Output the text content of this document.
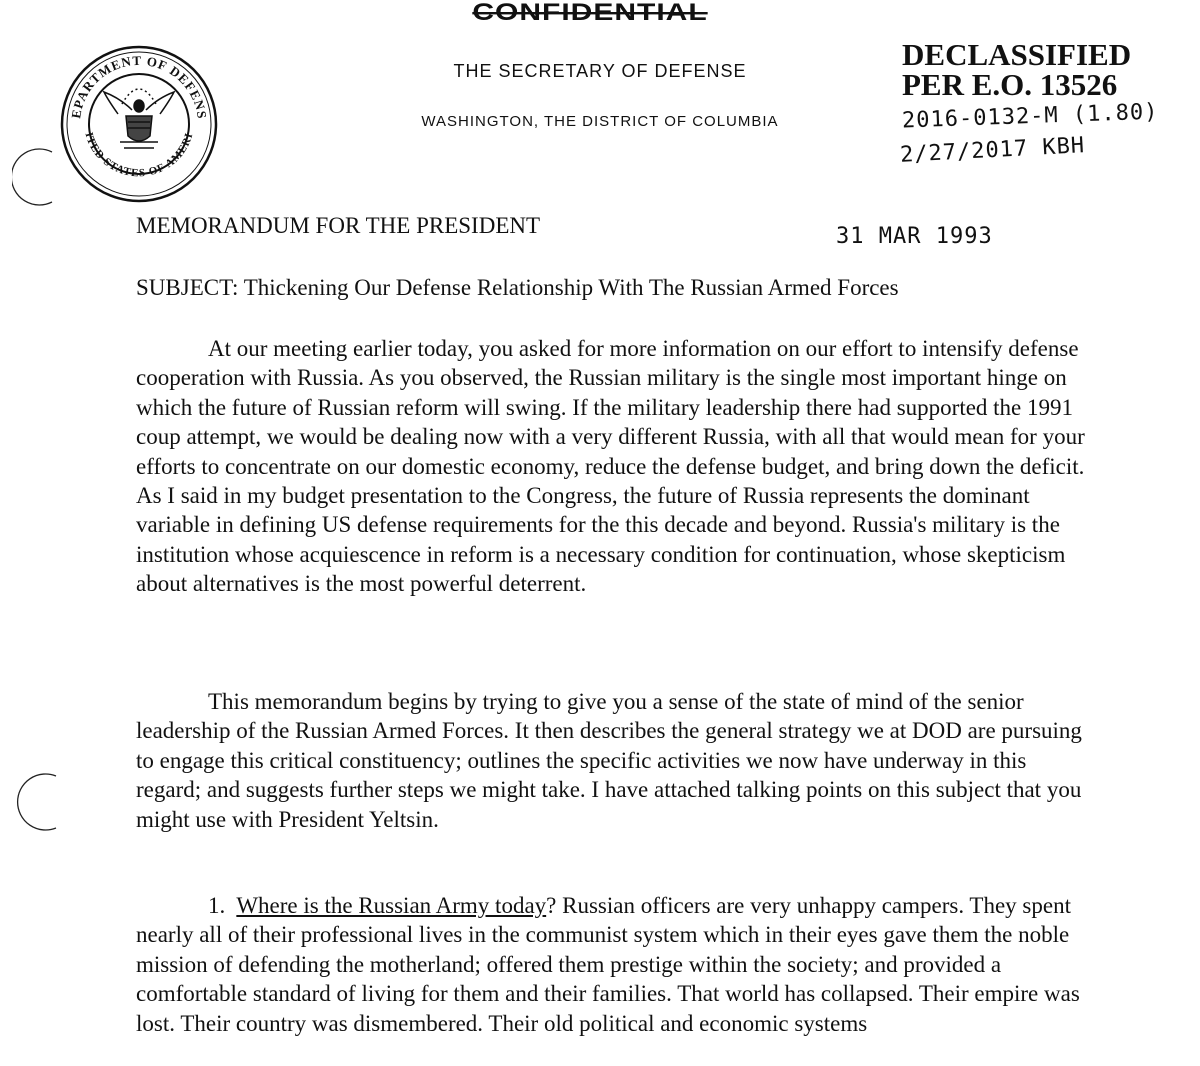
CONFIDENTIAL
EPARTMENT OF DEFENS
ITED STATES OF AMERI
THE SECRETARY OF DEFENSE
WASHINGTON, THE DISTRICT OF COLUMBIA
DECLASSIFIED
PER E.O. 13526
2016-0132-M (1.80)
2/27/2017 KBH
MEMORANDUM FOR THE PRESIDENT	31 MAR 1993
SUBJECT: Thickening Our Defense Relationship With The Russian Armed Forces

At our meeting earlier today, you asked for more information on our effort to intensify defense cooperation with Russia. As you observed, the Russian military is the single most important hinge on which the future of Russian reform will swing. If the military leadership there had supported the 1991 coup attempt, we would be dealing now with a very different Russia, with all that would mean for your efforts to concentrate on our domestic economy, reduce the defense budget, and bring down the deficit. As I said in my budget presentation to the Congress, the future of Russia represents the dominant variable in defining US defense requirements for the this decade and beyond. Russia's military is the institution whose acquiescence in reform is a necessary condition for continuation, whose skepticism about alternatives is the most powerful deterrent.

This memorandum begins by trying to give you a sense of the state of mind of the senior leadership of the Russian Armed Forces. It then describes the general strategy we at DOD are pursuing to engage this critical constituency; outlines the specific activities we now have underway in this regard; and suggests further steps we might take. I have attached talking points on this subject that you might use with President Yeltsin.

1. Where is the Russian Army today? Russian officers are very unhappy campers. They spent nearly all of their professional lives in the communist system which in their eyes gave them the noble mission of defending the motherland; offered them prestige within the society; and provided a comfortable standard of living for them and their families. That world has collapsed. Their empire was lost. Their country was dismembered. Their old political and economic systems
